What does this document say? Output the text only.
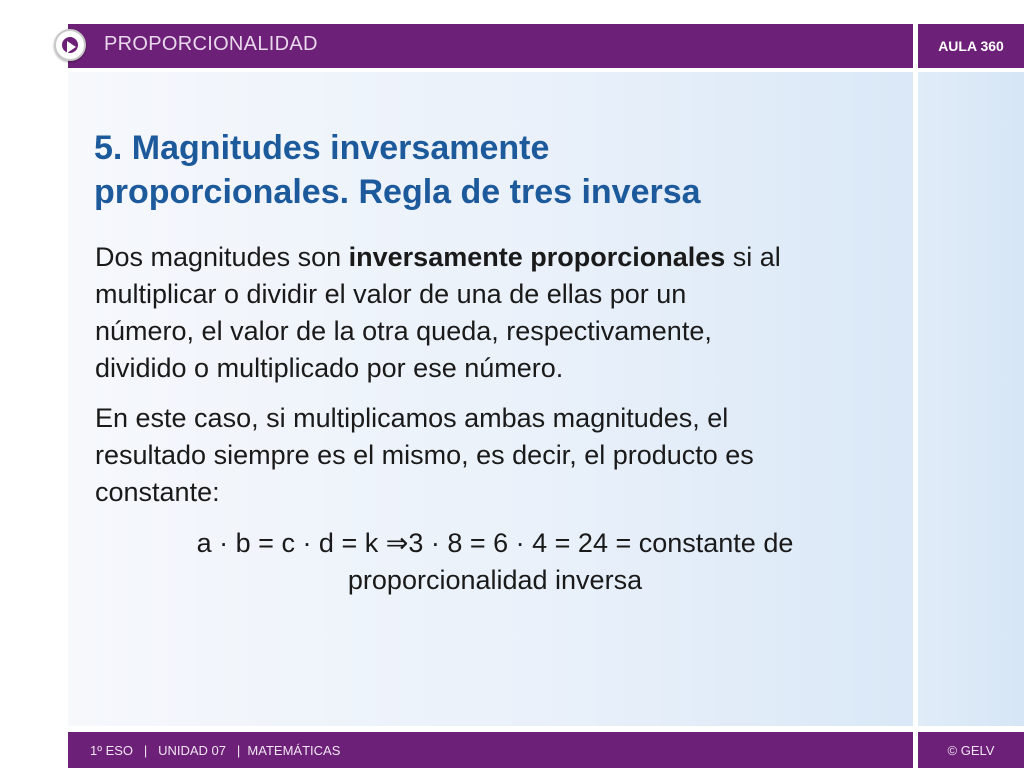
PROPORCIONALIDAD	AULA 360
5. Magnitudes inversamente
proporcionales. Regla de tres inversa
Dos magnitudes son inversamente proporcionales si al
multiplicar o dividir el valor de una de ellas por un
número, el valor de la otra queda, respectivamente,
dividido o multiplicado por ese número.
En este caso, si multiplicamos ambas magnitudes, el
resultado siempre es el mismo, es decir, el producto es
constante:
a · b = c · d = k ⇒3 · 8 = 6 · 4 = 24 = constante de
proporcionalidad inversa
1º ESO   |   UNIDAD 07   |  MATEMÁTICAS	© GELV
